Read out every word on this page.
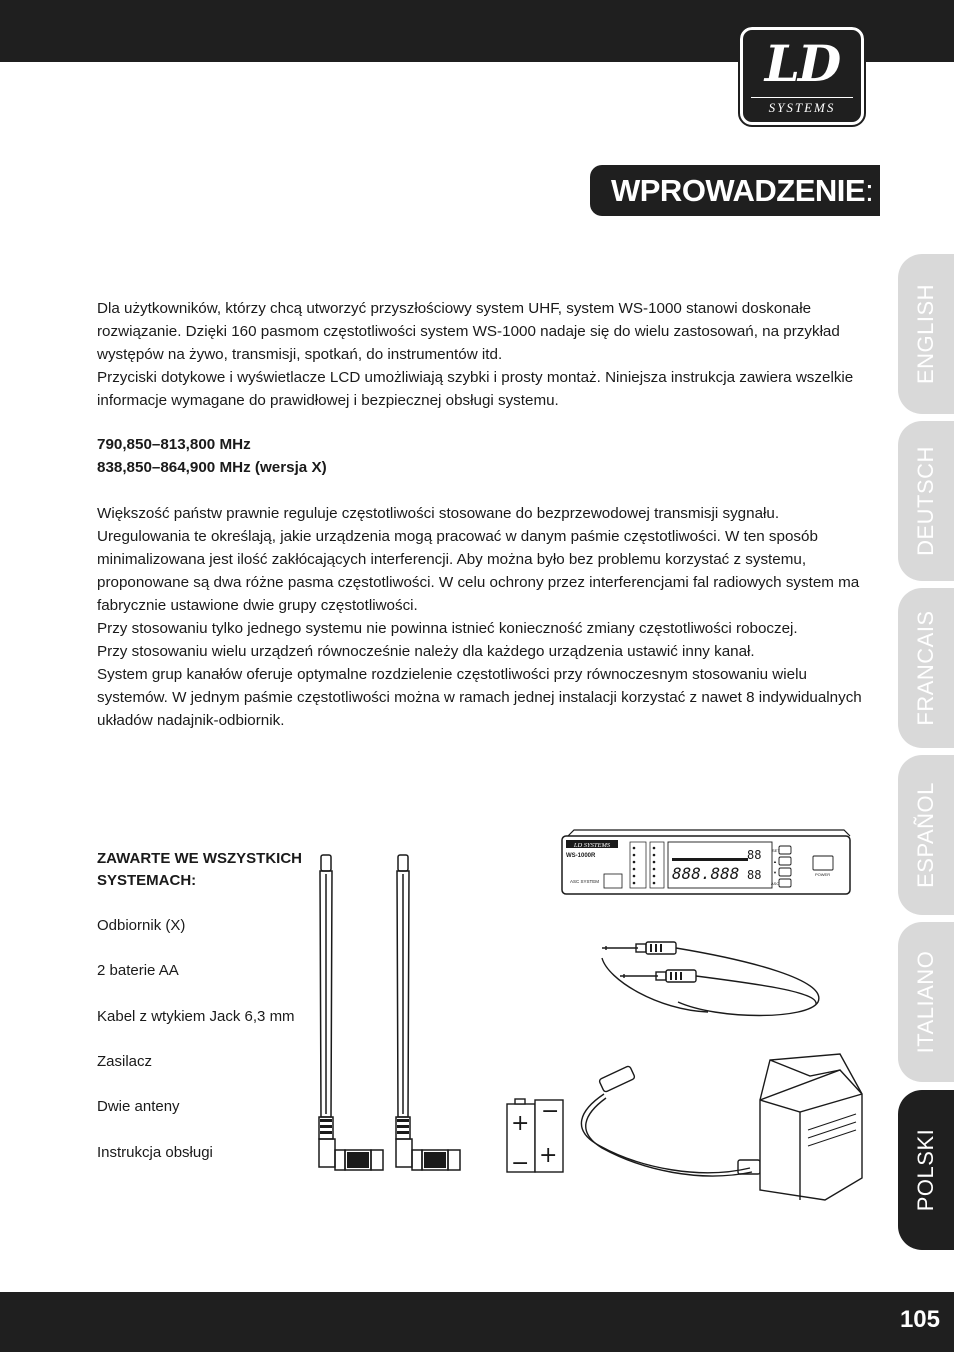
LD
SYSTEMS
WPROWADZENIE:
ENGLISH
DEUTSCH
FRANCAIS
ESPAÑOL
ITALIANO
POLSKI

Dla użytkowników, którzy chcą utworzyć przyszłościowy system UHF, system WS-1000 stanowi doskonałe rozwiązanie. Dzięki 160 pasmom częstotliwości system WS-1000 nadaje się do wielu zastosowań, na przykład występów na żywo, transmisji, spotkań, do instrumentów itd.

Przyciski dotykowe i wyświetlacze LCD umożliwiają szybki i prosty montaż. Niniejsza instrukcja zawiera wszelkie informacje wymagane do prawidłowej i bezpiecznej obsługi systemu.

790,850–813,800 MHz

838,850–864,900 MHz (wersja X)

Większość państw prawnie reguluje częstotliwości stosowane do bezprzewodowej transmisji sygnału. Uregulowania te określają, jakie urządzenia mogą pracować w danym paśmie częstotliwości. W ten sposób minimalizowana jest ilość zakłócających interferencji. Aby można było bez problemu korzystać z systemu, proponowane są dwa różne pasma częstotliwości. W celu ochrony przez interferencjami fal radiowych system ma fabrycznie ustawione dwie grupy częstotliwości.

Przy stosowaniu tylko jednego systemu nie powinna istnieć konieczność zmiany częstotliwości roboczej.

Przy stosowaniu wielu urządzeń równocześnie należy dla każdego urządzenia ustawić inny kanał.

System grup kanałów oferuje optymalne rozdzielenie częstotliwości przy równoczesnym stosowaniu wielu systemów. W jednym paśmie częstotliwości można w ramach jednej instalacji korzystać z nawet 8 indywidualnych układów nadajnik-odbiornik.

ZAWARTE WE WSZYSTKICH
SYSTEMACH:
Odbiornik (X)
2 baterie AA
Kabel z wtykiem Jack 6,3 mm
Zasilacz
Dwie anteny
Instrukcja obsługi
LD SYSTEMS
WS-1000R
ASC SYSTEM	888.888
88
88
SET
▲
▼
ASC
POWER
+
−
−
+
105
